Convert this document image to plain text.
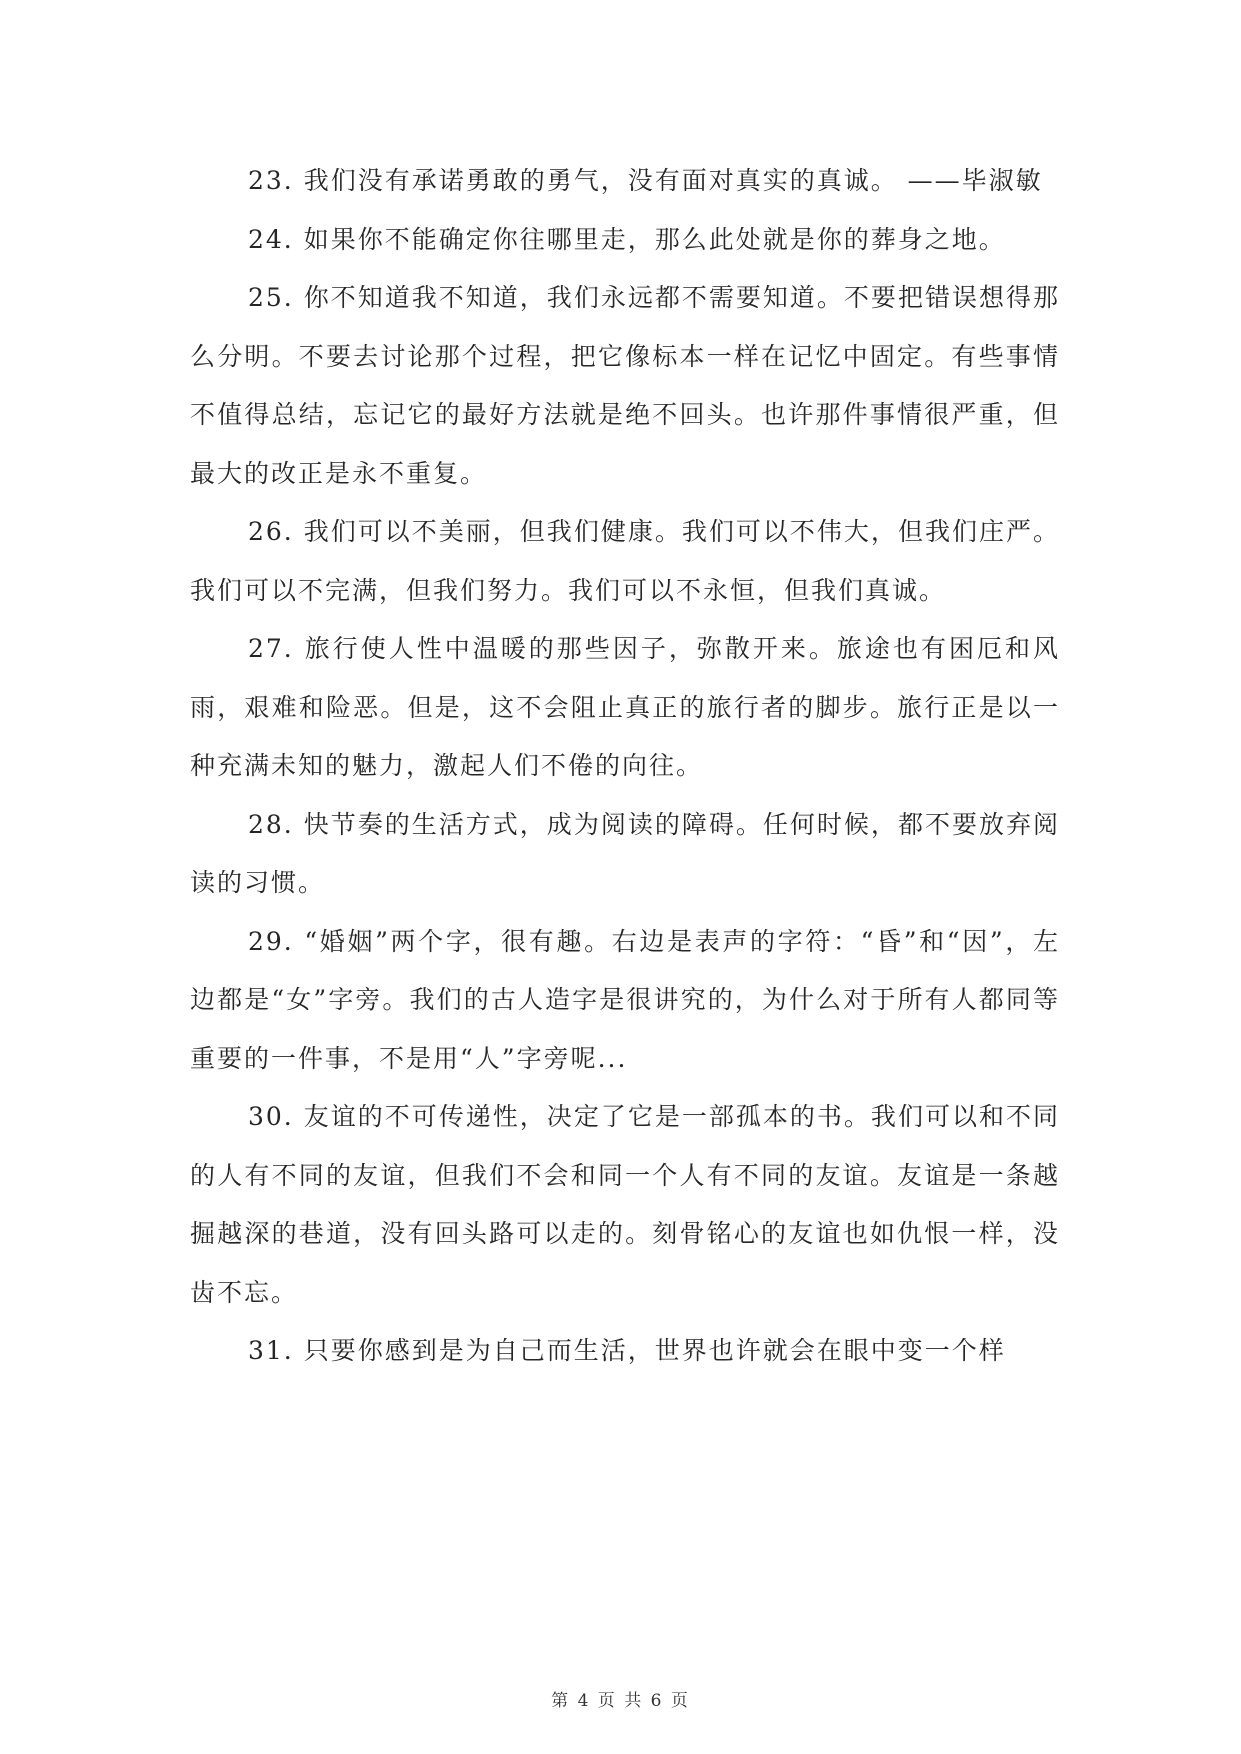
23. 我们没有承诺勇敢的勇气，没有面对真实的真诚。 ——毕淑敏

24. 如果你不能确定你往哪里走，那么此处就是你的葬身之地。

25. 你不知道我不知道，我们永远都不需要知道。不要把错误想得那么分明。不要去讨论那个过程，把它像标本一样在记忆中固定。有些事情不值得总结，忘记它的最好方法就是绝不回头。也许那件事情很严重，但最大的改正是永不重复。

26. 我们可以不美丽，但我们健康。我们可以不伟大，但我们庄严。我们可以不完满，但我们努力。我们可以不永恒，但我们真诚。

27. 旅行使人性中温暖的那些因子，弥散开来。旅途也有困厄和风雨，艰难和险恶。但是，这不会阻止真正的旅行者的脚步。旅行正是以一种充满未知的魅力，激起人们不倦的向往。

28. 快节奏的生活方式，成为阅读的障碍。任何时候，都不要放弃阅读的习惯。

29. “婚姻”两个字，很有趣。右边是表声的字符：“昏”和“因”，左边都是“女”字旁。我们的古人造字是很讲究的，为什么对于所有人都同等重要的一件事，不是用“人”字旁呢...

30. 友谊的不可传递性，决定了它是一部孤本的书。我们可以和不同的人有不同的友谊，但我们不会和同一个人有不同的友谊。友谊是一条越掘越深的巷道，没有回头路可以走的。刻骨铭心的友谊也如仇恨一样，没齿不忘。

31. 只要你感到是为自己而生活，世界也许就会在眼中变一个样

第 4 页 共 6 页
